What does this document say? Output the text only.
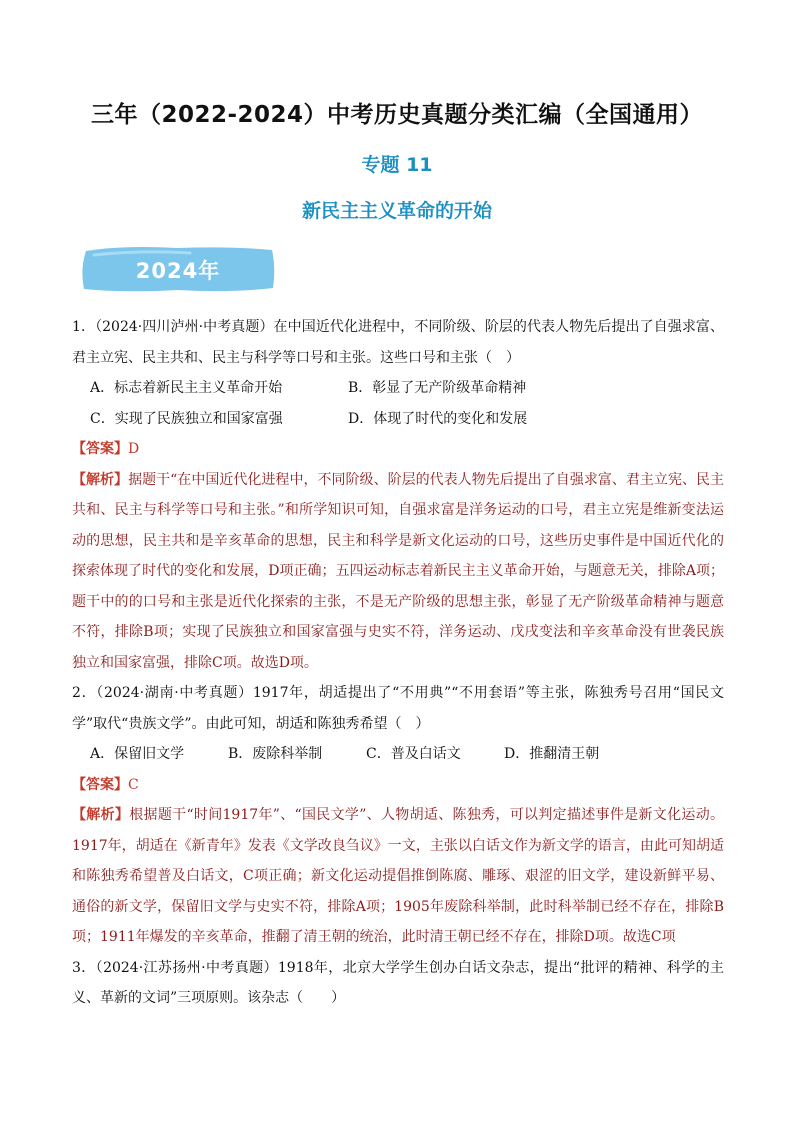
三年（2022-2024）中考历史真题分类汇编（全国通用）
专题 11
新民主主义革命的开始
2024年

1．（2024·四川泸州·中考真题）在中国近代化进程中，不同阶级、阶层的代表人物先后提出了自强求富、君主立宪、民主共和、民主与科学等口号和主张。这些口号和主张（　）

A．标志着新民主主义革命开始	B．彰显了无产阶级革命精神
C．实现了民族独立和国家富强	D．体现了时代的变化和发展

【答案】D

【解析】据题干“在中国近代化进程中，不同阶级、阶层的代表人物先后提出了自强求富、君主立宪、民主共和、民主与科学等口号和主张。”和所学知识可知，自强求富是洋务运动的口号，君主立宪是维新变法运动的思想，民主共和是辛亥革命的思想，民主和科学是新文化运动的口号，这些历史事件是中国近代化的探索体现了时代的变化和发展，D项正确；五四运动标志着新民主主义革命开始，与题意无关，排除A项；题干中的的口号和主张是近代化探索的主张，不是无产阶级的思想主张，彰显了无产阶级革命精神与题意不符，排除B项；实现了民族独立和国家富强与史实不符，洋务运动、戊戌变法和辛亥革命没有世袭民族独立和国家富强，排除C项。故选D项。

2．（2024·湖南·中考真题）1917年，胡适提出了“不用典”“不用套语”等主张，陈独秀号召用“国民文学”取代“贵族文学”。由此可知，胡适和陈独秀希望（　）

A．保留旧文学	B．废除科举制	C．普及白话文	D．推翻清王朝

【答案】C

【解析】根据题干“时间1917年”、“国民文学”、人物胡适、陈独秀，可以判定描述事件是新文化运动。1917年，胡适在《新青年》发表《文学改良刍议》一文，主张以白话文作为新文学的语言，由此可知胡适和陈独秀希望普及白话文，C项正确；新文化运动提倡推倒陈腐、雕琢、艰涩的旧文学，建设新鲜平易、通俗的新文学，保留旧文学与史实不符，排除A项；1905年废除科举制，此时科举制已经不存在，排除B项；1911年爆发的辛亥革命，推翻了清王朝的统治，此时清王朝已经不存在，排除D项。故选C项

3．（2024·江苏扬州·中考真题）1918年，北京大学学生创办白话文杂志，提出“批评的精神、科学的主义、革新的文词”三项原则。该杂志（　　）
